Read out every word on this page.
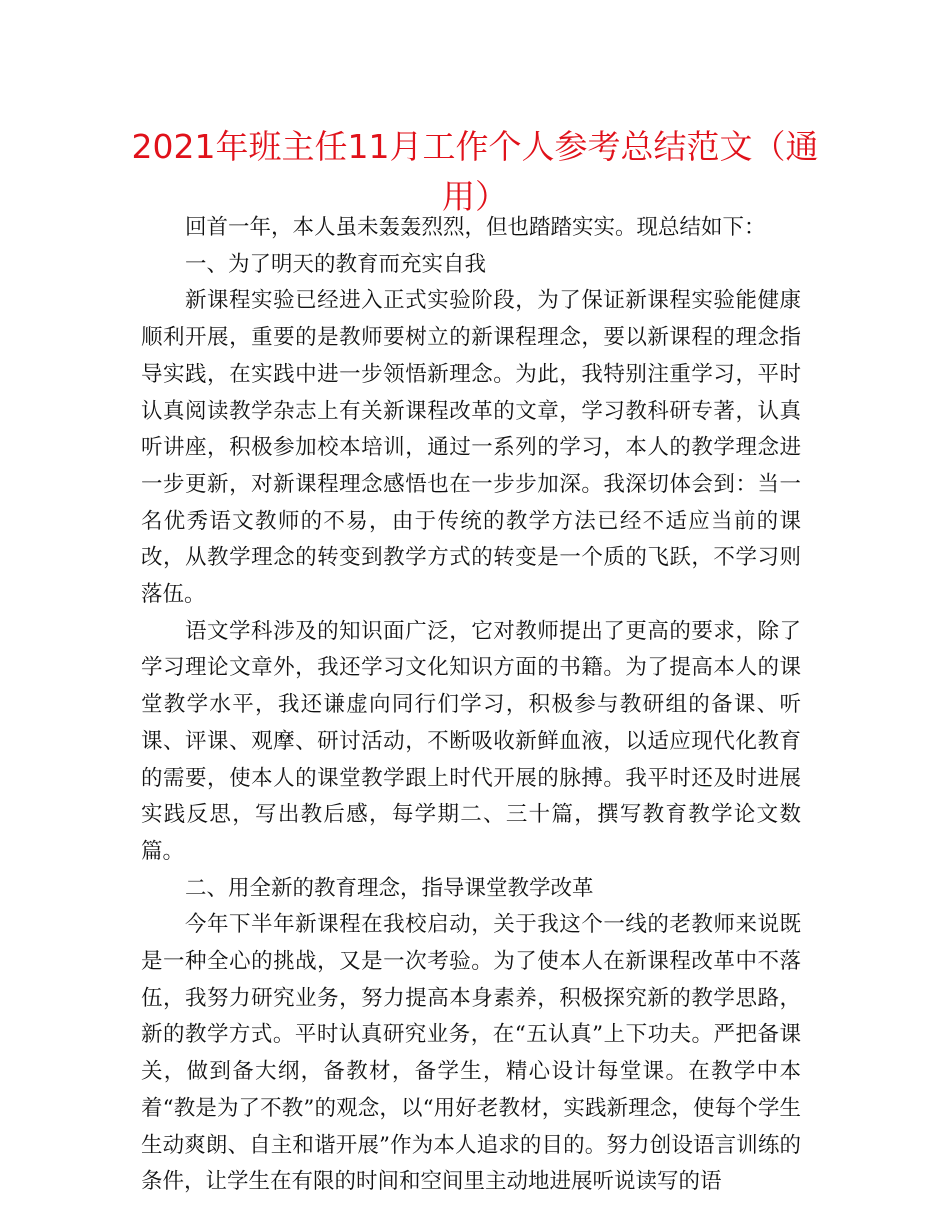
2021年班主任11月工作个人参考总结范文（通用）

回首一年，本人虽未轰轰烈烈，但也踏踏实实。现总结如下：

一、为了明天的教育而充实自我

新课程实验已经进入正式实验阶段，为了保证新课程实验能健康顺利开展，重要的是教师要树立的新课程理念，要以新课程的理念指导实践，在实践中进一步领悟新理念。为此，我特别注重学习，平时认真阅读教学杂志上有关新课程改革的文章，学习教科研专著，认真听讲座，积极参加校本培训，通过一系列的学习，本人的教学理念进一步更新，对新课程理念感悟也在一步步加深。我深切体会到：当一名优秀语文教师的不易，由于传统的教学方法已经不适应当前的课改，从教学理念的转变到教学方式的转变是一个质的飞跃，不学习则落伍。

语文学科涉及的知识面广泛，它对教师提出了更高的要求，除了学习理论文章外，我还学习文化知识方面的书籍。为了提高本人的课堂教学水平，我还谦虚向同行们学习，积极参与教研组的备课、听课、评课、观摩、研讨活动，不断吸收新鲜血液，以适应现代化教育的需要，使本人的课堂教学跟上时代开展的脉搏。我平时还及时进展实践反思，写出教后感，每学期二、三十篇，撰写教育教学论文数篇。

二、用全新的教育理念，指导课堂教学改革

今年下半年新课程在我校启动，关于我这个一线的老教师来说既是一种全心的挑战，又是一次考验。为了使本人在新课程改革中不落伍，我努力研究业务，努力提高本身素养，积极探究新的教学思路，新的教学方式。平时认真研究业务，在“五认真”上下功夫。严把备课关，做到备大纲，备教材，备学生，精心设计每堂课。在教学中本着“教是为了不教”的观念，以“用好老教材，实践新理念，使每个学生生动爽朗、自主和谐开展”作为本人追求的目的。努力创设语言训练的条件，让学生在有限的时间和空间里主动地进展听说读写的语
